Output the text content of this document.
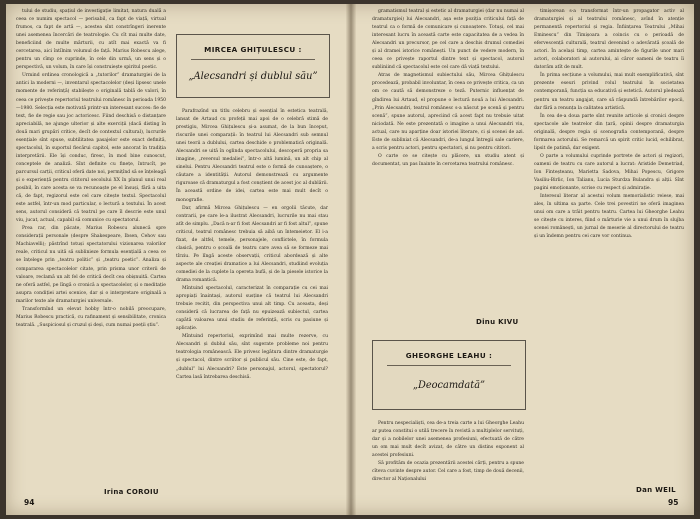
tului de studiu, spațiul de investigație limitat, natura dualã a ceea ce numim spectacol — perisabil, ca fapt de viață, virtual frumos, ca fapt de artă —, acestea sînt constrîngeri inerente unei asemenea încercări de teatrologie. Cu cît mai multe date, beneficiind de multe mărturii, cu atît mai exactă va fi cercetarea, aici întîlnim volumul de față. Marius Robescu alege, pentru un cîmp ce cuprinde, în cele din urmă, un sens și o perspectivă, un volum, în care își construiește spiritul poetic.

Urmind ordinea cronologică a „tutorilor” dramaturgiei de la antici la moderni —, inventarul spectacolelor (deși lipsesc unele momente de referință) stabilește o originală tablă de valori, în ceea ce privește repertoriul teatrului românesc în perioada 1950—1980. Selecția este motivată printr-un interesant succes: fie de text, fie de regie sau joc actoricesc. Fiind deschisă o distanțare apreciabilă, ne ajunge ulterior și alte exerciții (dacă disting în două mari grupări critice, decît de contextul cultural), lucrurile esențiale sînt spuse, subtilitatea pasajelor este exact definită, spectacolul, în suportul fiecărui capitol, este ancorat în tradiția interpretării. Ele își conduc, firesc, în mod bine cunoscut, conceptele de analiză. Sînt definite cu finețe, întrucît, pe parcursul carții, criticul oferă date noi, permițînd să se înțeleagă și o experiență pentru cititorul secolului XX în planul unui real posibil, în care acesta se va recunoaște pe el însuși, fără a uita că, de fapt, regizorul este cel care citește textul. Spectacolul este astfel, într-un mod particular, o lectură a textului. În acest sens, autorul consideră că teatrul pe care îl descrie este unul viu, jucat, actual, capabil să comunice cu spectatorul.

Prea rar, din păcate, Marius Robescu alunecă spre considerații personale (despre Shakespeare, Ibsen, Cehov sau Machiavelli); păstrînd totuși spectatorului vizionarea valorilor reale, criticul nu uită să sublinieze formula esențială a ceea ce se înțelege prin „teatru politic” și „teatru poetic”. Analiza și compararea spectacolelor citate, prin prisma unor criterii de valoare, reclamă un alt fel de critică decît cea obișnuită. Cartea ne oferă astfel, pe lîngă o cronică a spectacolelor, și o meditație asupra condiției artei scenice, dar și o interpretare originală a marilor texte ale dramaturgiei universale.

Transformînd un elevat hobby într-o nobilă preocupare, Marius Robescu practică, cu rafinament și sensibilitate, cronica teatrală. „Suspiciosul și cruzul și deși, cum numai poeții știu”.

Irina COROIU
94
MIRCEA GHIȚULESCU :
„Alecsandri și dublul său”

Parafrazînd un titlu celebru și esențial în estetica teatrală, lansat de Artaud cu profeții mai apoi de o celebră stimă de prestigiu, Mircea Ghițulescu și-a asumat, de la bun început, riscurile unei comparații: în teatrul lui Alecsandri sub semnul unei teorii a dublului, cartea deschide o problematică originală. Alecsandri se uită în oglinda spectacolului, descoperă propria sa imagine, „reversul medaliei”, într-o altă lumină, un alt chip al sinelui. Pentru Alecsandri teatrul este o formă de cunoaștere, o căutare a identității. Autorul demonstrează cu argumente riguroase că dramaturgul a fost conștient de acest joc al dublării. În această ordine de idei, cartea este mai mult decît o monografie.

Dar, afirmă Mircea Ghițulescu — en orgolii tăcute, dar contrarii, pe care le-a ilustrat Alecsandri, lucrurile nu mai stau atît de simplu. „Dacă n-ar fi fost Alecsandri ar fi fost altul”, spune criticul, teatrul românesc trebuia să aibă un întemeietor. El i-a fixat, de altfel, temele, personajele, conflictele, în formula clasică, pentru o școală de teatru care avea să se formeze mai tîrziu. Pe lîngă aceste observații, criticul abordează și alte aspecte ale creației dramatice a lui Alecsandri, studiind evoluția comediei de la cuplete la opereta bufă, și de la piesele istorice la drama romantică.

Mîntuind spectacolul, caracterizat în comparație cu cei mai apropiați înaintași, autorul susține că teatrul lui Alecsandri trebuie recitit, din perspectiva unui alt timp. Cu aceasta, deși consideră că lucrarea de față nu epuizează subiectul, cartea capătă valoarea unui studiu de referință, scris cu pasiune și aplicație.

Mîntuind repertoriul, exprimînd mai multe rezerve, cu Alecsandri și dublul său, sînt sugerate probleme noi pentru teatrologia românească. Ele privesc legătura dintre dramaturgie și spectacol, dintre scriitor și publicul său. Cine este, de fapt, „dublul” lui Alecsandri? Este personajul, actorul, spectatorul? Cartea lasă întrebarea deschisă.

gramatismul teatral și estetic al dramaturgiei (dar nu numai al dramaturgiei) lui Alecsandri, așa este poziția criticului față de teatrul ca o formă de comunicare și cunoaștere. Totuși, cel mai interesant lucru în această carte este capacitatea de a vedea în Alecsandri un precursor, pe cel care a deschis drumul comediei și al dramei istorice românești. Un punct de vedere modern, în ceea ce privește raportul dintre text și spectacol, autorul subliniind că spectacolul este cel care dă viață textului.

Atras de magnetismul subiectului său, Mircea Ghițulescu procedează, probabil involuntar, în ceea ce privește critica, ca un om ce caută să demonstreze o teză. Puternic influențat de gîndirea lui Artaud, el propune o lectură nouă a lui Alecsandri. „Prin Alecsandri, teatrul românesc s-a născut pe scenă și pentru scenă”, spune autorul, apreciind că acest fapt nu trebuie uitat niciodată. Ne este prezentată o imagine a unui Alecsandri viu, actual, care nu aparține doar istoriei literare, ci și scenei de azi. Este de subliniat că Alecsandri, de-a lungul întregii sale cariere, a scris pentru actori, pentru spectatori, și nu pentru cititori.

O carte ce se citește cu plăcere, un studiu atent și documentat, un pas înainte în cercetarea teatrului românesc.

Dinu KIVU
GHEORGHE LEAHU :
„Deocamdată”

Pentru nespecialiști, cea de-a treia carte a lui Gheorghe Leahu ar putea constitui o utilă trecere în revistă a multiplelor servituți, dar și a nobilelor unei asemenea profesiuni, efectuată de către un om mai mult decît avizat, de către un distins exponent al acestei profesiuni.

Să profităm de ocazia prezentării acestei cărți, pentru a spune cîteva cuvinte despre autor. Cel care a fost, timp de două decenii, director al Naționalului

timișorean s-a transformat într-un propagator activ al dramaturgiei și al teatrului românesc, avînd în atenție permanentă repertoriul și regia. Înființarea Teatrului „Mihai Eminescu” din Timișoara a coincis cu o perioadă de efervescență culturală, teatrul devenind o adevărată școală de actori. În același timp, cartea amintește de figurile unor mari actori, colaboratori ai autorului, ai căror oameni de teatru îi datorăm atît de mult.

În prima secțiune a volumului, mai mult exemplificativă, sînt prezente eseuri privind rolul teatrului în societatea contemporană, funcția sa educativă și estetică. Autorul pledează pentru un teatru angajat, care să răspundă întrebărilor epocii, dar fără a renunța la calitatea artistică.

În cea de-a doua parte sînt reunite articole și cronici despre spectacole ale teatrelor din țară, opinii despre dramaturgia originală, despre regia și scenografia contemporană, despre formarea actorului. Se remarcă un spirit critic lucid, echilibrat, lipsit de patimă, dar exigent.

O parte a volumului cuprinde portrete de actori și regizori, oameni de teatru cu care autorul a lucrat: Aristide Demetriad, Ion Finteșteanu, Marietta Sadova, Mihai Popescu, Grigore Vasiliu-Birlic, Ion Talianu, Lucia Sturdza Bulandra și alții. Sînt pagini emoționante, scrise cu respect și admirație.

Interesul literar al acestui volum memorialistic reiese, mai ales, în ultima sa parte. Cele trei povestiri ne oferă imaginea unui om care a trăit pentru teatru. Cartea lui Gheorghe Leahu se citește cu interes, fiind o mărturie vie a unui drum în slujba scenei românești, un jurnal de meserie al directorului de teatru și un îndemn pentru cei care vor continua.

Dan WEIL
95
